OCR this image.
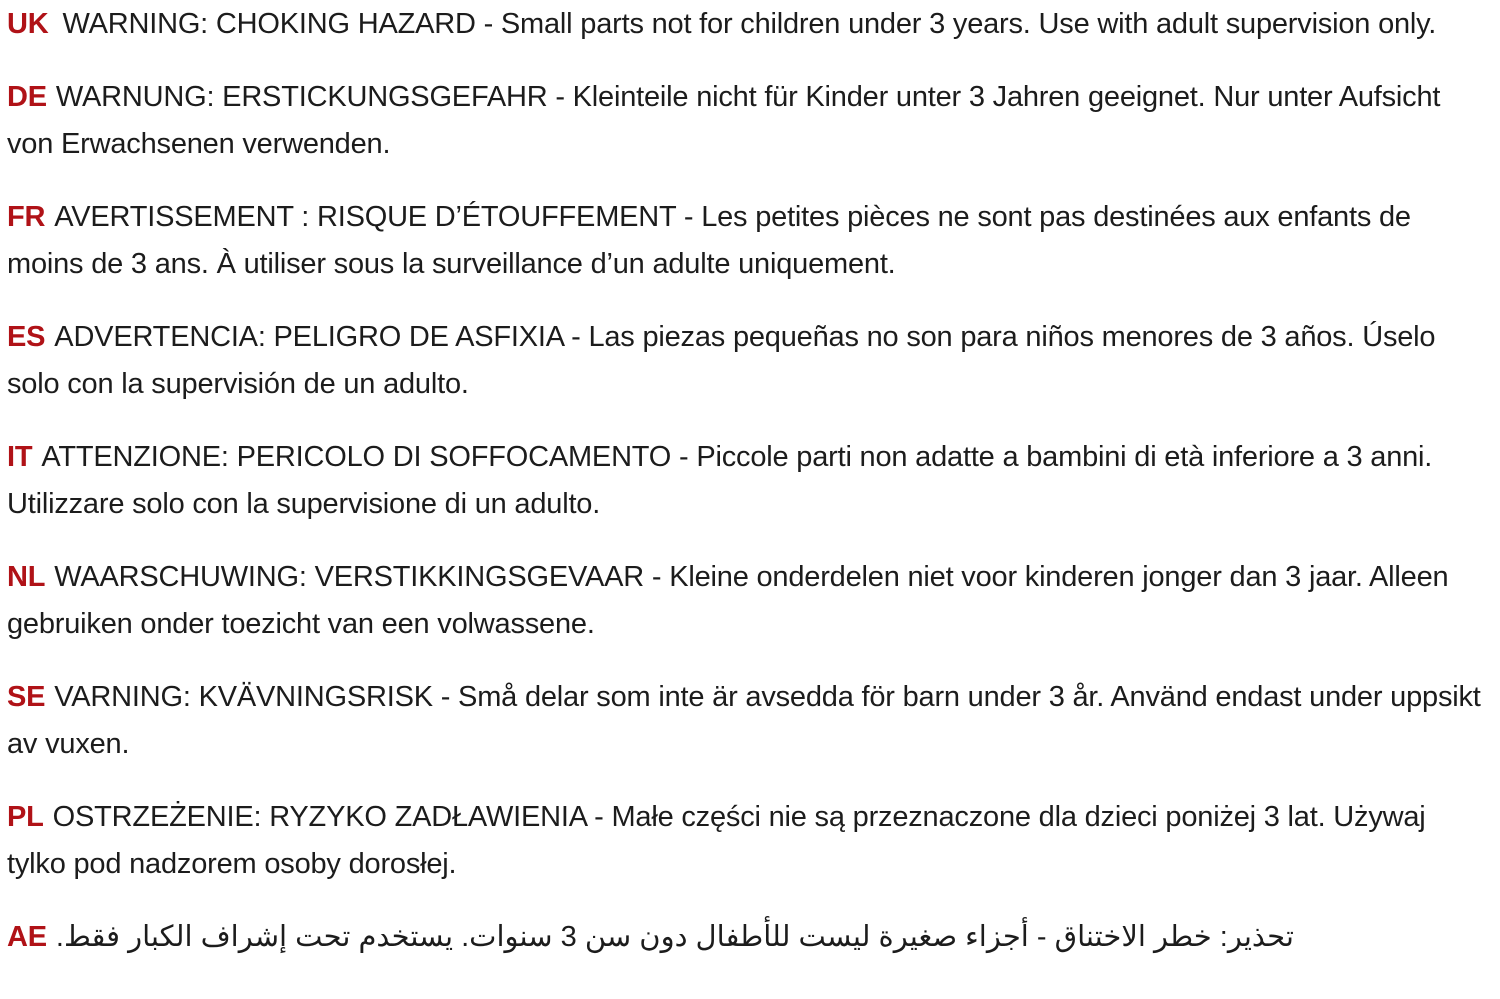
UK WARNING: CHOKING HAZARD - Small parts not for children under 3 years. Use with adult supervision only.

DE WARNUNG: ERSTICKUNGSGEFAHR - Kleinteile nicht für Kinder unter 3 Jahren geeignet. Nur unter Aufsicht von Erwachsenen verwenden.

FR AVERTISSEMENT : RISQUE D’ÉTOUFFEMENT - Les petites pièces ne sont pas destinées aux enfants de moins de 3 ans. À utiliser sous la surveillance d’un adulte uniquement.

ES ADVERTENCIA: PELIGRO DE ASFIXIA - Las piezas pequeñas no son para niños menores de 3 años. Úselo solo con la supervisión de un adulto.

IT ATTENZIONE: PERICOLO DI SOFFOCAMENTO - Piccole parti non adatte a bambini di età inferiore a 3 anni. Utilizzare solo con la supervisione di un adulto.

NL WAARSCHUWING: VERSTIKKINGSGEVAAR - Kleine onderdelen niet voor kinderen jonger dan 3 jaar. Alleen gebruiken onder toezicht van een volwassene.

SE VARNING: KVÄVNINGSRISK - Små delar som inte är avsedda för barn under 3 år. Använd endast under uppsikt av vuxen.

PL OSTRZEŻENIE: RYZYKO ZADŁAWIENIA - Małe części nie są przeznaczone dla dzieci poniżej 3 lat. Używaj tylko pod nadzorem osoby dorosłej.

AE تحذير: خطر الاختناق - أجزاء صغيرة ليست للأطفال دون سن 3 سنوات. يستخدم تحت إشراف الكبار فقط.
